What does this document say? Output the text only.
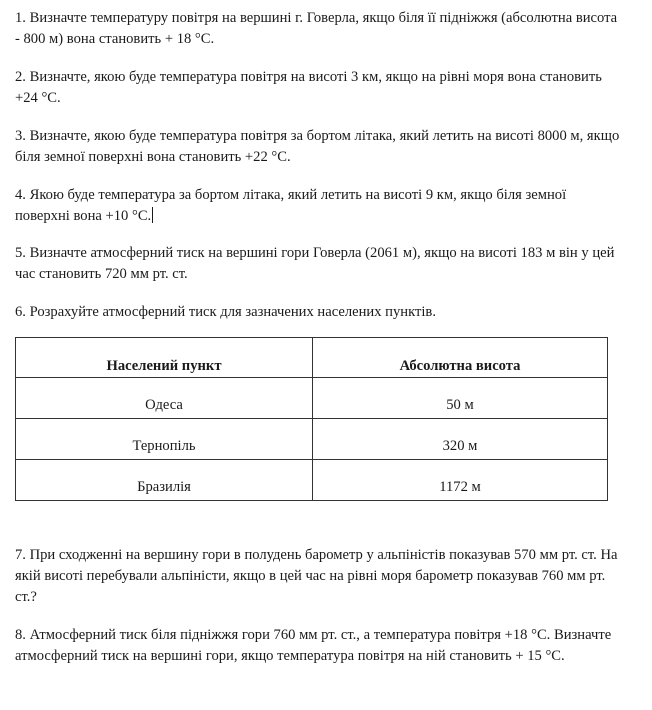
1. Визначте температуру повітря на вершині г. Говерла, якщо біля її підніжжя (абсолютна висота - 800 м) вона становить + 18 °С.

2. Визначте, якою буде температура повітря на висоті 3 км, якщо на рівні моря вона становить +24 °С.

3. Визначте, якою буде температура повітря за бортом літака, який летить на висоті 8000 м, якщо біля земної поверхні вона становить +22 °С.

4. Якою буде температура за бортом літака, який летить на висоті 9 км, якщо біля земної поверхні вона +10 °С.

5. Визначте атмосферний тиск на вершині гори Говерла (2061 м), якщо на висоті 183 м він у цей час становить 720 мм рт. ст.

6. Розрахуйте атмосферний тиск для зазначених населених пунктів.

Населений пункт	Абсолютна висота
Одеса	50 м
Тернопіль	320 м
Бразилія	1172 м

7. При сходженні на вершину гори в полудень барометр у альпіністів показував 570 мм рт. ст. На якій висоті перебували альпіністи, якщо в цей час на рівні моря барометр показував 760 мм рт. ст.?

8. Атмосферний тиск біля підніжжя гори 760 мм рт. ст., а температура повітря +18 °С. Визначте атмосферний тиск на вершині гори, якщо температура повітря на ній становить + 15 °С.
